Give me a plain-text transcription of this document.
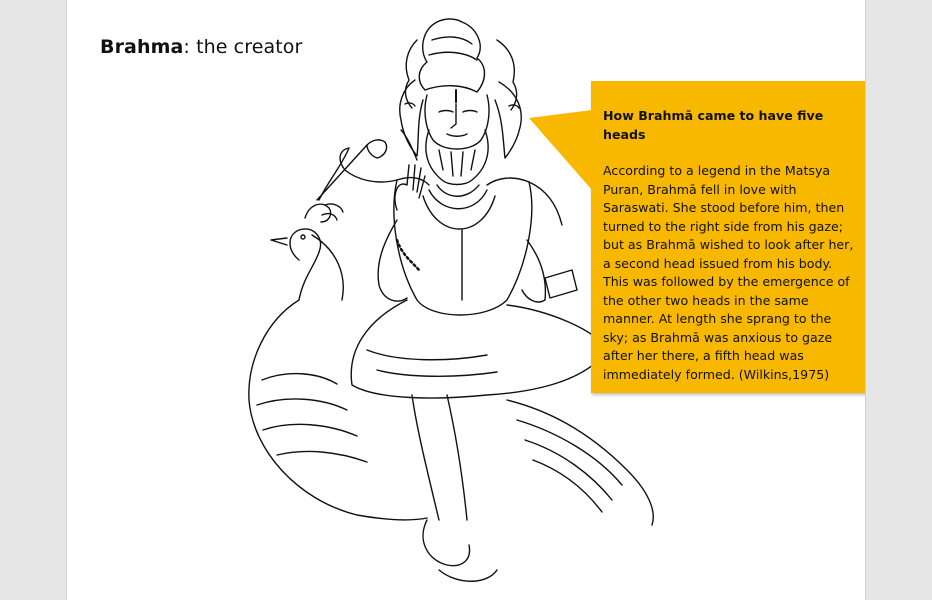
Brahma: the creator
How Brahmā came to have five heads
According to a legend in the Matsya Puran, Brahmā fell in love with Saraswati. She stood before him, then turned to the right side from his gaze; but as Brahmā wished to look after her, a second head issued from his body. This was followed by the emergence of the other two heads in the same manner. At length she sprang to the sky; as Brahmā was anxious to gaze after her there, a fifth head was immediately formed. (Wilkins,1975)
